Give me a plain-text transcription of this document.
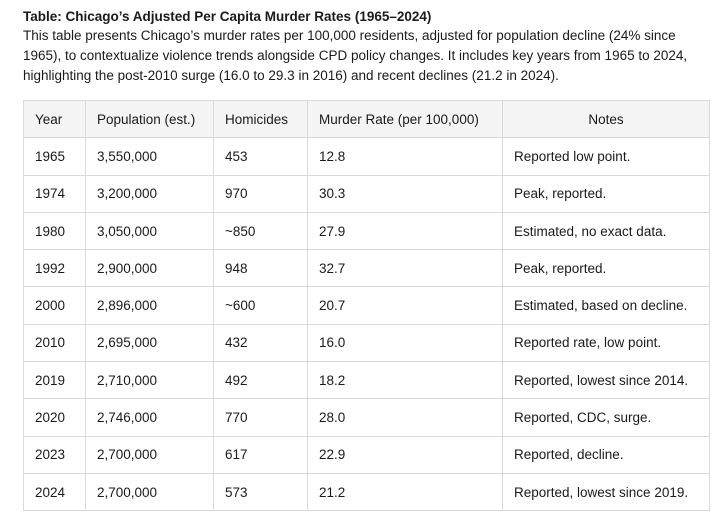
Table: Chicago’s Adjusted Per Capita Murder Rates (1965–2024)

This table presents Chicago’s murder rates per 100,000 residents, adjusted for population decline (24% since 1965), to contextualize violence trends alongside CPD policy changes. It includes key years from 1965 to 2024, highlighting the post-2010 surge (16.0 to 29.3 in 2016) and recent declines (21.2 in 2024).

Year	Population (est.)	Homicides	Murder Rate (per 100,000)	Notes
1965	3,550,000	453	12.8	Reported low point.
1974	3,200,000	970	30.3	Peak, reported.
1980	3,050,000	~850	27.9	Estimated, no exact data.
1992	2,900,000	948	32.7	Peak, reported.
2000	2,896,000	~600	20.7	Estimated, based on decline.
2010	2,695,000	432	16.0	Reported rate, low point.
2019	2,710,000	492	18.2	Reported, lowest since 2014.
2020	2,746,000	770	28.0	Reported, CDC, surge.
2023	2,700,000	617	22.9	Reported, decline.
2024	2,700,000	573	21.2	Reported, lowest since 2019.
